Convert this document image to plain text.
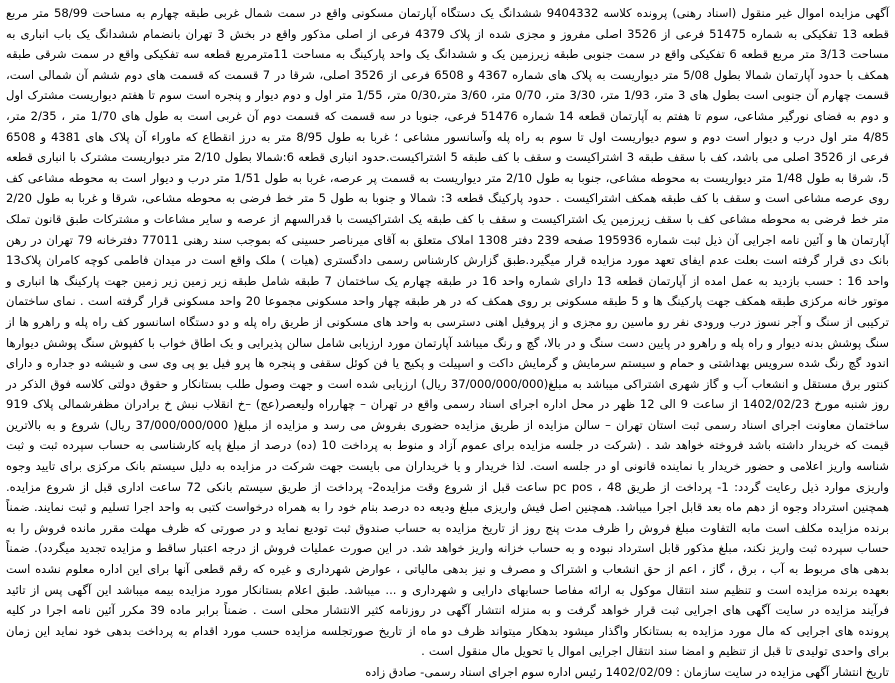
آگهی مزایده اموال غیر منقول (اسناد رهنی) پرونده کلاسه 9404332 ششدانگ یک دستگاه آپارتمان مسکونی واقع در سمت شمال غربی طبقه چهارم به مساحت 58/99 متر مربع قطعه 13 تفکیکی به شماره 51475 فرعی از 3526 اصلی مفروز و مجزی شده از پلاک 4379 فرعی از اصلی مذکور واقع در بخش 3 تهران بانضمام ششدانگ یک باب انباری به مساحت 3/13 متر مربع قطعه 6 تفکیکی واقع در سمت جنوبی طبقه زیرزمین یک و ششدانگ یک واحد پارکینگ به مساحت 11مترمربع قطعه سه تفکیکی واقع در سمت شرقی طبقه همکف با حدود آپارتمان شمالا بطول 5/08 متر دیواریست به پلاک های شماره 4367 و 6508 فرعی از 3526 اصلی، شرقا در 7 قسمت که قسمت های دوم ششم آن شمالی است، قسمت چهارم آن جنوبی است بطول های 3 متر، 1/93 متر، 3/30 متر، 0/70 متر، 3/60 متر،0/30 متر، 1/55 متر اول و دوم دیوار و پنجره است سوم تا هفتم دیواریست مشترک اول و دوم به فضای نورگیر مشاعی، سوم تا هفتم به آپارتمان قطعه 14 شماره 51476 فرعی، جنوبا در سه قسمت که قسمت دوم آن غربی است به طول های 1/70 متر ، 2/35 متر، 4/85 متر اول درب و دیوار است دوم و سوم دیواریست اول تا سوم به راه پله وآسانسور مشاعی ؛ غربا به طول 8/95 متر به درز انقطاع که ماوراء آن پلاک های 4381 و 6508 فرعی از 3526 اصلی می باشد، کف با سقف طبقه 3 اشتراکیست و سقف با کف طبقه 5 اشتراکیست.حدود انباری قطعه 6:شمالا بطول 2/10 متر دیواریست مشترک با انباری قطعه 5، شرقا به طول 1/48 متر دیواریست به محوطه مشاعی، جنوبا به طول 2/10 متر دیواریست به قسمت پر عرصه، غربا به طول 1/51 متر درب و دیوار است به محوطه مشاعی کف روی عرصه مشاعی است و سقف با کف طبقه همکف اشتراکیست . حدود پارکینگ قطعه 3: شمالا و جنوبا به طول 5 متر خط فرضی به محوطه مشاعی، شرقا و غربا به طول 2/20 متر خط فرضی به محوطه مشاعی کف با سقف زیرزمین یک اشتراکیست و سقف با کف طبقه یک اشتراکیست با قدرالسهم از عرصه و سایر مشاعات و مشترکات طبق قانون تملک آپارتمان ها و آئین نامه اجرایی آن ذیل ثبت شماره 195936 صفحه 239 دفتر 1308 املاک متعلق به آقای میرناصر حسینی که بموجب سند رهنی 77011 دفترخانه 79 تهران در رهن بانک دی قرار گرفته است بعلت عدم ایفای تعهد مورد مزایده قرار میگیرد.طبق گزارش کارشناس رسمی دادگستری (هیات ) ملک واقع است در میدان فاطمی کوچه کامران پلاک13 واحد 16 : حسب بازدید به عمل امده از آپارتمان قطعه 13 دارای شماره واحد 16 در طبقه چهارم یک ساختمان 7 طبقه شامل طبقه زیر زمین زیر زمین جهت پارکینگ ها انباری و موتور خانه مرکزی طبقه همکف جهت پارکینگ ها و 5 طبقه مسکونی بر روی همکف که در هر طبقه چهار واحد مسکونی مجموعا 20 واحد مسکونی قرار گرفته است . نمای ساختمان ترکیبی از سنگ و آجر نسوز درب ورودی نفر رو ماسین رو مجزی و از پروفیل اهنی دسترسی به واحد های مسکونی از طریق راه پله و دو دستگاه اسانسور کف راه پله و راهرو ها از سنگ پوشش بدنه دیوار و راه پله و راهرو در پایین دست سنگ و در بالا، گچ و رنگ میباشد آپارتمان مورد ارزیابی شامل سالن پذیرایی و یک اطاق خواب با کفپوش سنگ پوشش دیوارها اندود گچ رنگ شده سرویس بهداشتی و حمام و سیستم سرمایش و گرمایش داکت و اسپیلت و پکیج یا فن کوئل سقفی و پنجره ها پرو فیل یو پی وی سی و شیشه دو جداره و دارای کنتور برق مستقل و انشعاب آب و گاز شهری اشتراکی میباشد به مبلغ(37/000/000/000 ریال) ارزیابی شده است و جهت وصول طلب بستانکار و حقوق دولتی کلاسه فوق الذکر در روز شنبه مورخ 1402/02/23 از ساعت 9 الی 12 ظهر در محل اداره اجرای اسناد رسمی واقع در تهران – چهارراه ولیعصر(عج) –خ انقلاب نبش خ برادران مظفرشمالی پلاک 919 ساختمان معاونت اجرای اسناد رسمی ثبت استان تهران – سالن مزایده از طریق مزایده حضوری بفروش می رسد و مزایده از مبلغ( 37/000/000/000 ریال) شروع و به بالاترین قیمت که خریدار داشته باشد فروخته خواهد شد . (شرکت در جلسه مزایده برای عموم آزاد و منوط به پرداخت 10 (ده) درصد از مبلغ پایه کارشناسی به حساب سپرده ثبت و ثبت شناسه واریز اعلامی و حضور خریدار یا نماینده قانونی او در جلسه است. لذا خریدار و یا خریداران می بایست جهت شرکت در مزایده به دلیل سیستم بانک مرکزی برای تایید وجوه واریزی موارد ذیل رعایت گردد: 1- پرداخت از طریق pc pos ، 48 ساعت قبل از شروع وقت مزایده2- پرداخت از طریق سیستم بانکی 72 ساعت اداری قبل از شروع مزایده. همچنین استرداد وجوه از دهم ماه بعد قابل اجرا میباشد. همچنین اصل فیش واریزی مبلغ ودیعه ده درصد بنام خود را به همراه درخواست کتبی به واحد اجرا تسلیم و ثبت نمایند. ضمناً برنده مزایده مکلف است مابه التفاوت مبلغ فروش را ظرف مدت پنج روز از تاریخ مزایده به حساب صندوق ثبت تودیع نماید و در صورتی که ظرف مهلت مقرر مانده فروش را به حساب سپرده ثبت واریز نکند، مبلغ مذکور قابل استرداد نبوده و به حساب خزانه واریز خواهد شد. در این صورت عملیات فروش از درجه اعتبار ساقط و مزایده تجدید میگردد). ضمناً بدهی های مربوط به آب ، برق ، گاز ، اعم از حق انشعاب و اشتراک و مصرف و نیز بدهی مالیاتی ، عوارض شهرداری و غیره که رقم قطعی آنها برای این اداره معلوم نشده است بعهده برنده مزایده است و تنظیم سند انتقال موکول به ارائه مفاصا حسابهای دارایی و شهرداری و ... میباشد. طبق اعلام بستانکار مورد مزایده بیمه میباشد این آگهی پس از تائید فرآیند مزایده در سایت آگهی های اجرایی ثبت قرار خواهد گرفت و به منزله انتشار آگهی در روزنامه کثیر الانتشار محلی است . ضمناً برابر ماده 39 مکرر آئین نامه اجرا در کلیه پرونده های اجرایی که مال مورد مزایده به بستانکار واگذار میشود بدهکار میتواند ظرف دو ماه از تاریخ صورتجلسه مزایده حسب مورد اقدام به پرداخت بدهی خود نماید این زمان برای واحدی تولیدی تا قبل از تنظیم و امضا سند انتقال اجرایی اموال یا تحویل مال منقول است .

تاریخ انتشار آگهی مزایده در سایت سازمان : 1402/02/09 رئیس اداره سوم اجرای اسناد رسمی- صادق زاده
